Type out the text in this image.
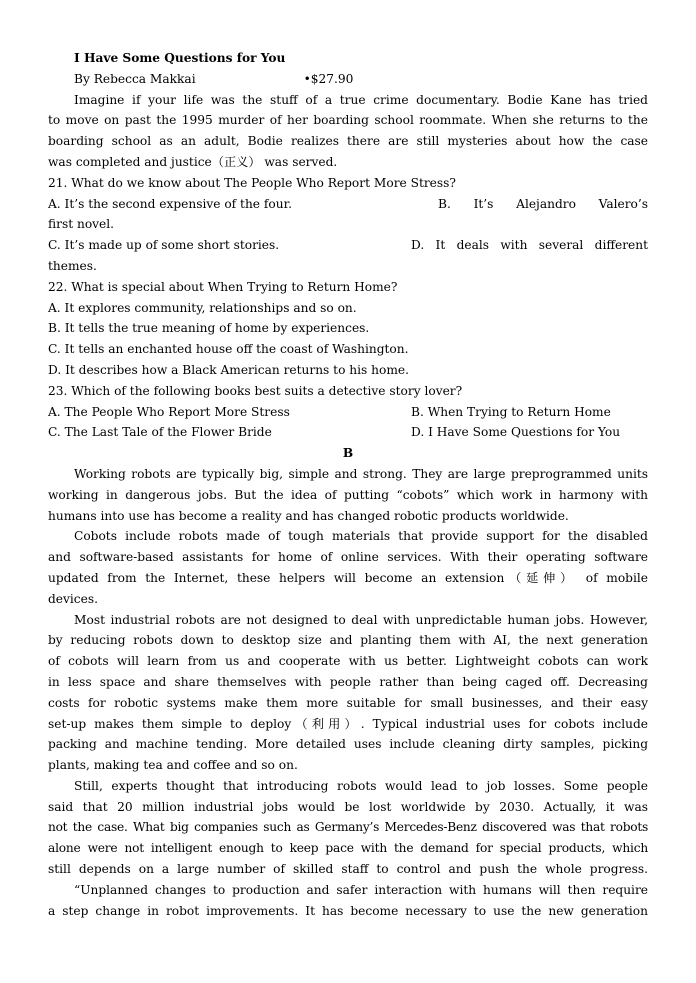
I Have Some Questions for You
By Rebecca Makkai	•$27.90
Imagine if your life was the stuff of a true crime documentary. Bodie Kane has tried
to move on past the 1995 murder of her boarding school roommate. When she returns to the
boarding school as an adult, Bodie realizes there are still mysteries about how the case
was completed and justice（正义） was served.
21. What do we know about The People Who Report More Stress?
A. It’s the second expensive of the four.	B. It’s Alejandro Valero’s
first novel.
C. It’s made up of some short stories.	D. It deals with several different
themes.
22. What is special about When Trying to Return Home?
A. It explores community, relationships and so on.
B. It tells the true meaning of home by experiences.
C. It tells an enchanted house off the coast of Washington.
D. It describes how a Black American returns to his home.
23. Which of the following books best suits a detective story lover?
A. The People Who Report More Stress	B. When Trying to Return Home
C. The Last Tale of the Flower Bride	D. I Have Some Questions for You
B
Working robots are typically big, simple and strong. They are large preprogrammed units
working in dangerous jobs. But the idea of putting “cobots” which work in harmony with
humans into use has become a reality and has changed robotic products worldwide.
Cobots include robots made of tough materials that provide support for the disabled
and software-based assistants for home of online services. With their operating software
updated from the Internet, these helpers will become an extension（延伸） of mobile
devices.
Most industrial robots are not designed to deal with unpredictable human jobs. However,
by reducing robots down to desktop size and planting them with AI, the next generation
of cobots will learn from us and cooperate with us better. Lightweight cobots can work
in less space and share themselves with people rather than being caged off. Decreasing
costs for robotic systems make them more suitable for small businesses, and their easy
set-up makes them simple to deploy（利用）. Typical industrial uses for cobots include
packing and machine tending. More detailed uses include cleaning dirty samples, picking
plants, making tea and coffee and so on.
Still, experts thought that introducing robots would lead to job losses. Some people
said that 20 million industrial jobs would be lost worldwide by 2030. Actually, it was
not the case. What big companies such as Germany’s Mercedes-Benz discovered was that robots
alone were not intelligent enough to keep pace with the demand for special products, which
still depends on a large number of skilled staff to control and push the whole progress.
“Unplanned changes to production and safer interaction with humans will then require
a step change in robot improvements. It has become necessary to use the new generation
